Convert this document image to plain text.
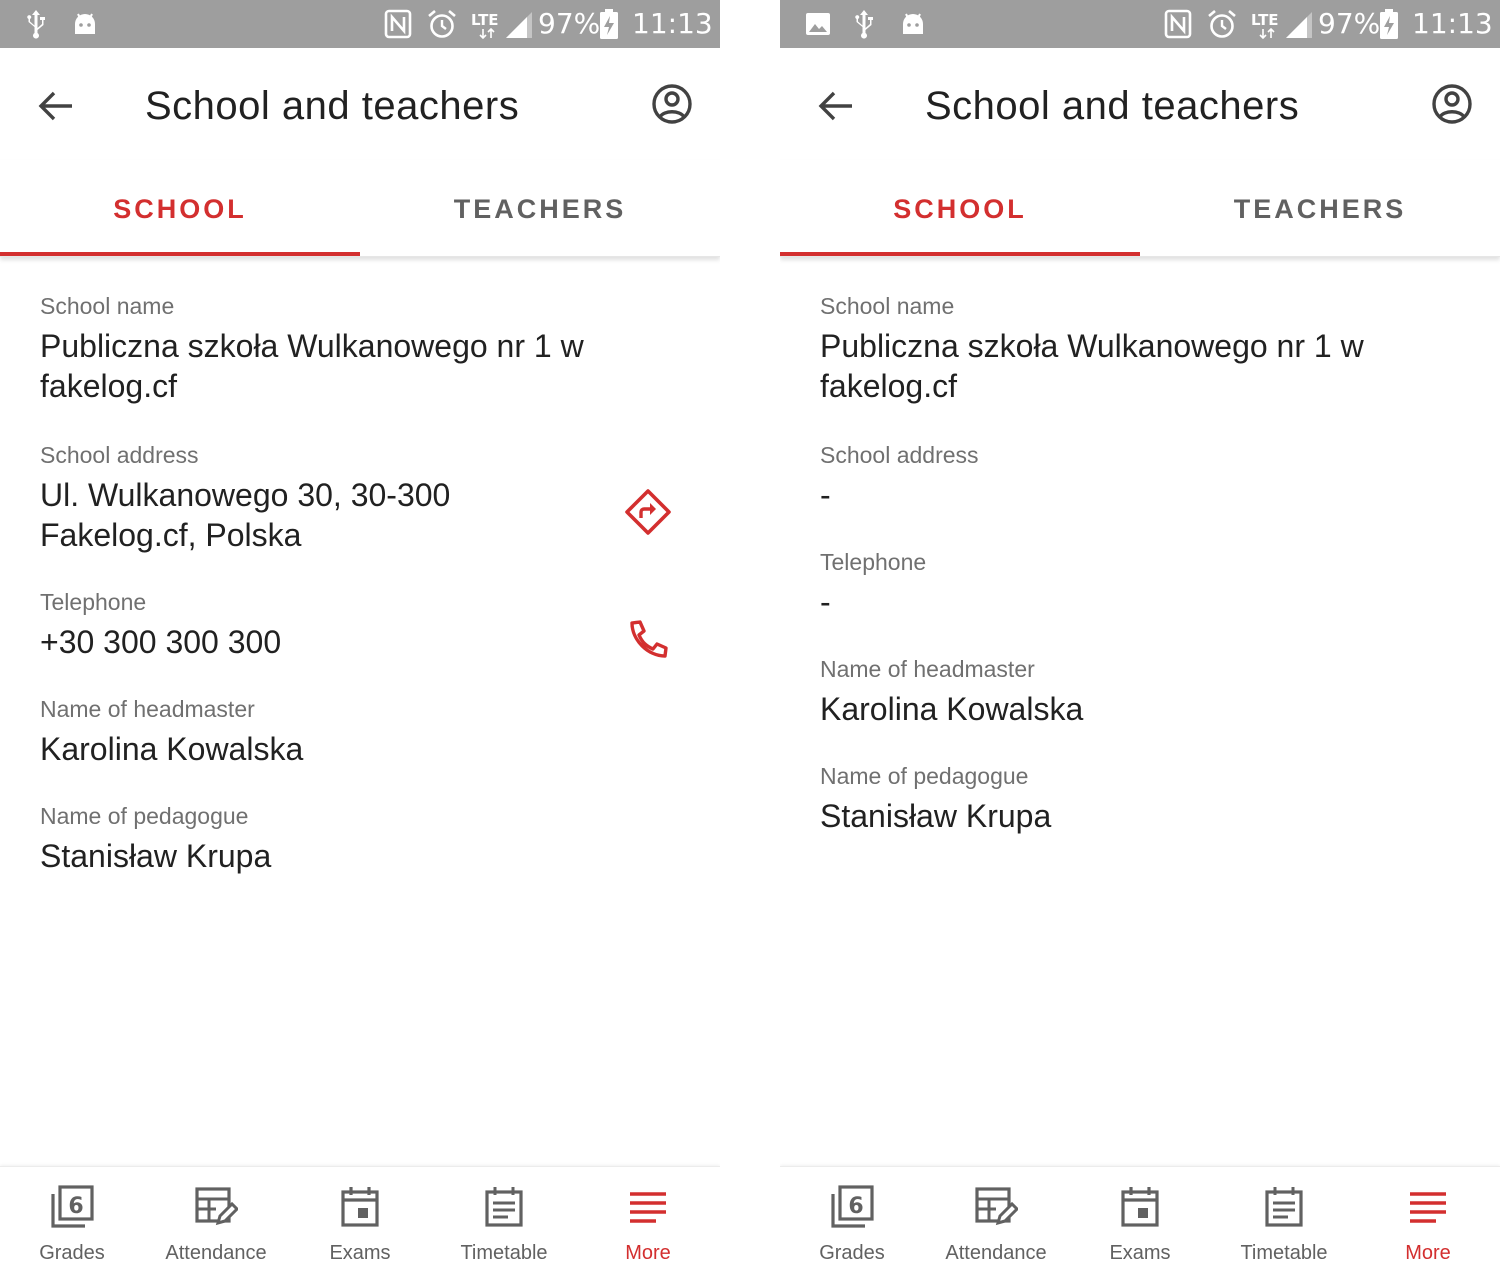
LTE 97% 11:13
School and teachers
SCHOOL	TEACHERS
School name
Publiczna szkoła Wulkanowego nr 1 w
fakelog.cf
School address
Ul. Wulkanowego 30, 30-300
Fakelog.cf, Polska
Telephone
+30 300 300 300
Name of headmaster
Karolina Kowalska
Name of pedagogue
Stanisław Krupa
6
Grades	Attendance	Exams	Timetable	More
LTE 97% 11:13
School and teachers
SCHOOL	TEACHERS
School name
Publiczna szkoła Wulkanowego nr 1 w
fakelog.cf
School address
-
Telephone
-
Name of headmaster
Karolina Kowalska
Name of pedagogue
Stanisław Krupa
6
Grades	Attendance	Exams	Timetable	More
